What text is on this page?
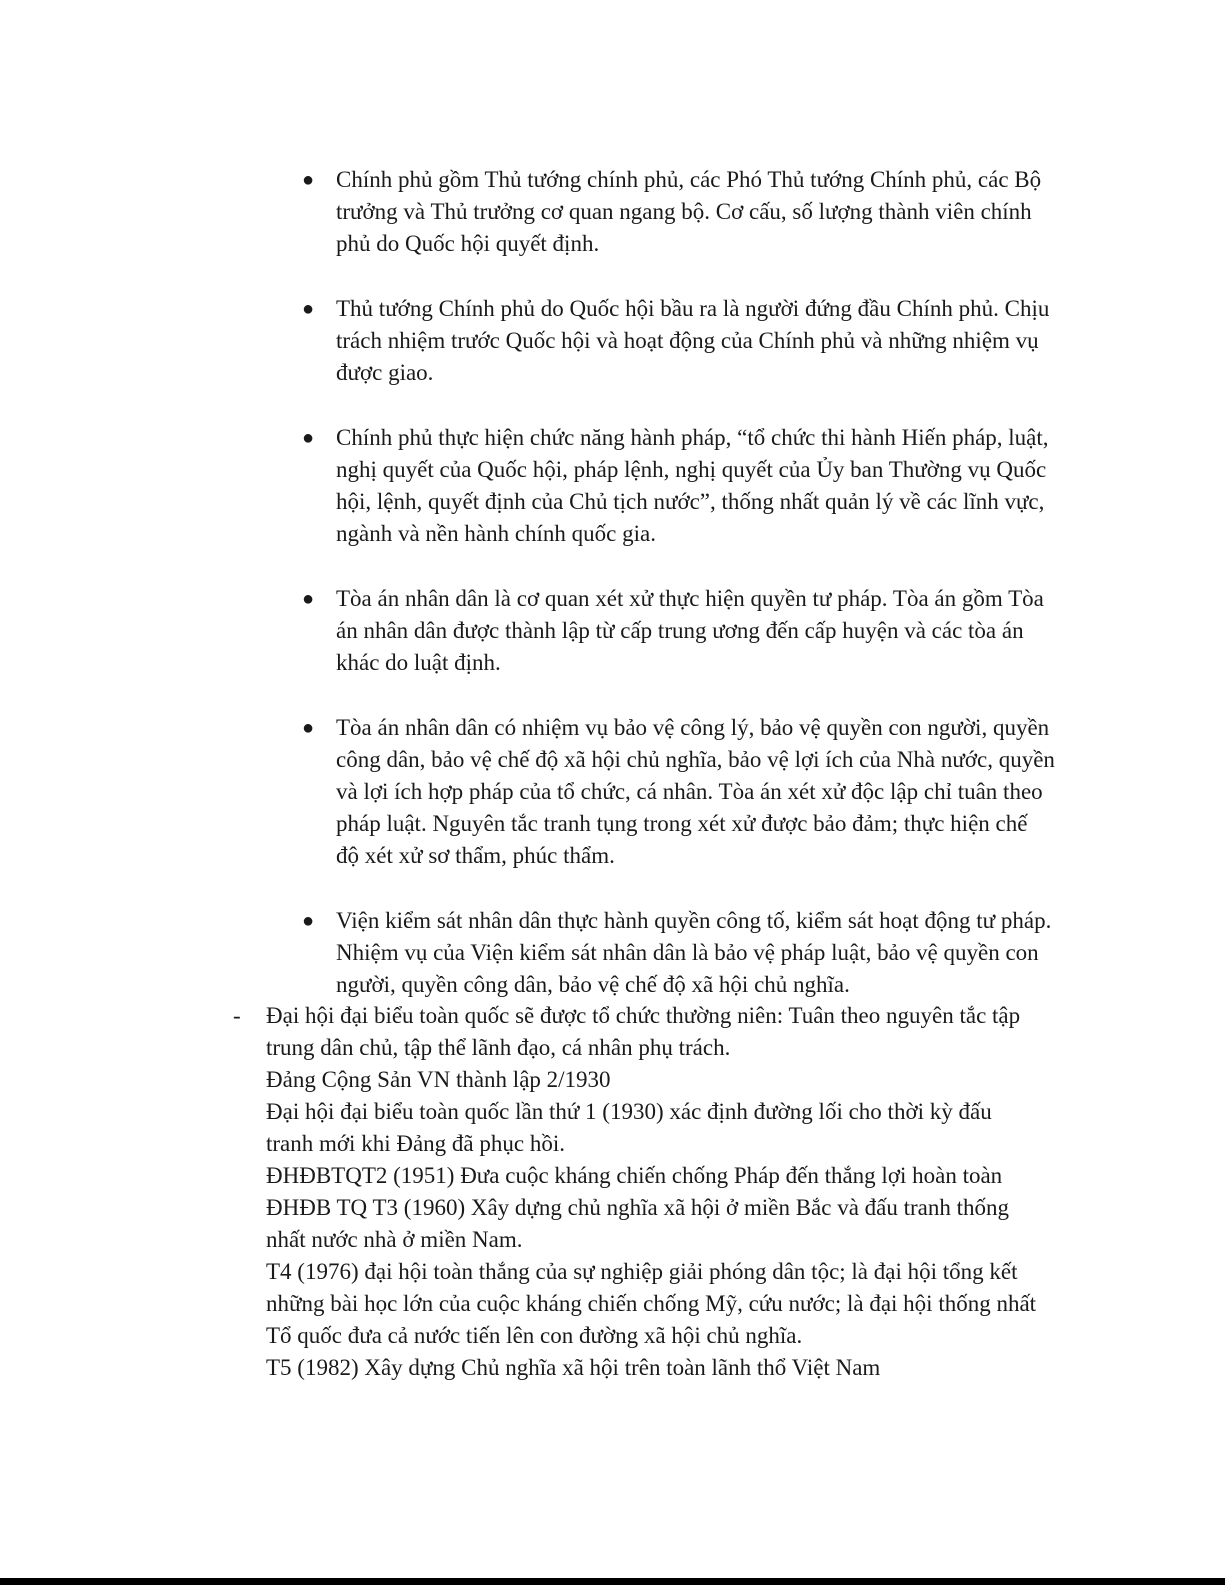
● Chính phủ gồm Thủ tướng chính phủ, các Phó Thủ tướng Chính phủ, các Bộ trưởng và Thủ trưởng cơ quan ngang bộ. Cơ cấu, số lượng thành viên chính phủ do Quốc hội quyết định.
● Thủ tướng Chính phủ do Quốc hội bầu ra là người đứng đầu Chính phủ. Chịu trách nhiệm trước Quốc hội và hoạt động của Chính phủ và những nhiệm vụ được giao.
● Chính phủ thực hiện chức năng hành pháp, “tổ chức thi hành Hiến pháp, luật, nghị quyết của Quốc hội, pháp lệnh, nghị quyết của Ủy ban Thường vụ Quốc hội, lệnh, quyết định của Chủ tịch nước”, thống nhất quản lý về các lĩnh vực, ngành và nền hành chính quốc gia.
● Tòa án nhân dân là cơ quan xét xử thực hiện quyền tư pháp. Tòa án gồm Tòa án nhân dân được thành lập từ cấp trung ương đến cấp huyện và các tòa án khác do luật định.
● Tòa án nhân dân có nhiệm vụ bảo vệ công lý, bảo vệ quyền con người, quyền công dân, bảo vệ chế độ xã hội chủ nghĩa, bảo vệ lợi ích của Nhà nước, quyền và lợi ích hợp pháp của tổ chức, cá nhân. Tòa án xét xử độc lập chỉ tuân theo pháp luật. Nguyên tắc tranh tụng trong xét xử được bảo đảm; thực hiện chế độ xét xử sơ thẩm, phúc thẩm.
● Viện kiểm sát nhân dân thực hành quyền công tố, kiểm sát hoạt động tư pháp. Nhiệm vụ của Viện kiểm sát nhân dân là bảo vệ pháp luật, bảo vệ quyền con người, quyền công dân, bảo vệ chế độ xã hội chủ nghĩa.
- Đại hội đại biểu toàn quốc sẽ được tổ chức thường niên: Tuân theo nguyên tắc tập trung dân chủ, tập thể lãnh đạo, cá nhân phụ trách.
Đảng Cộng Sản VN thành lập 2/1930
Đại hội đại biểu toàn quốc lần thứ 1 (1930) xác định đường lối cho thời kỳ đấu tranh mới khi Đảng đã phục hồi.
ĐHĐBTQT2 (1951) Đưa cuộc kháng chiến chống Pháp đến thắng lợi hoàn toàn
ĐHĐB TQ T3 (1960) Xây dựng chủ nghĩa xã hội ở miền Bắc và đấu tranh thống nhất nước nhà ở miền Nam.
T4 (1976) đại hội toàn thắng của sự nghiệp giải phóng dân tộc; là đại hội tổng kết những bài học lớn của cuộc kháng chiến chống Mỹ, cứu nước; là đại hội thống nhất Tổ quốc đưa cả nước tiến lên con đường xã hội chủ nghĩa.
T5 (1982) Xây dựng Chủ nghĩa xã hội trên toàn lãnh thổ Việt Nam
